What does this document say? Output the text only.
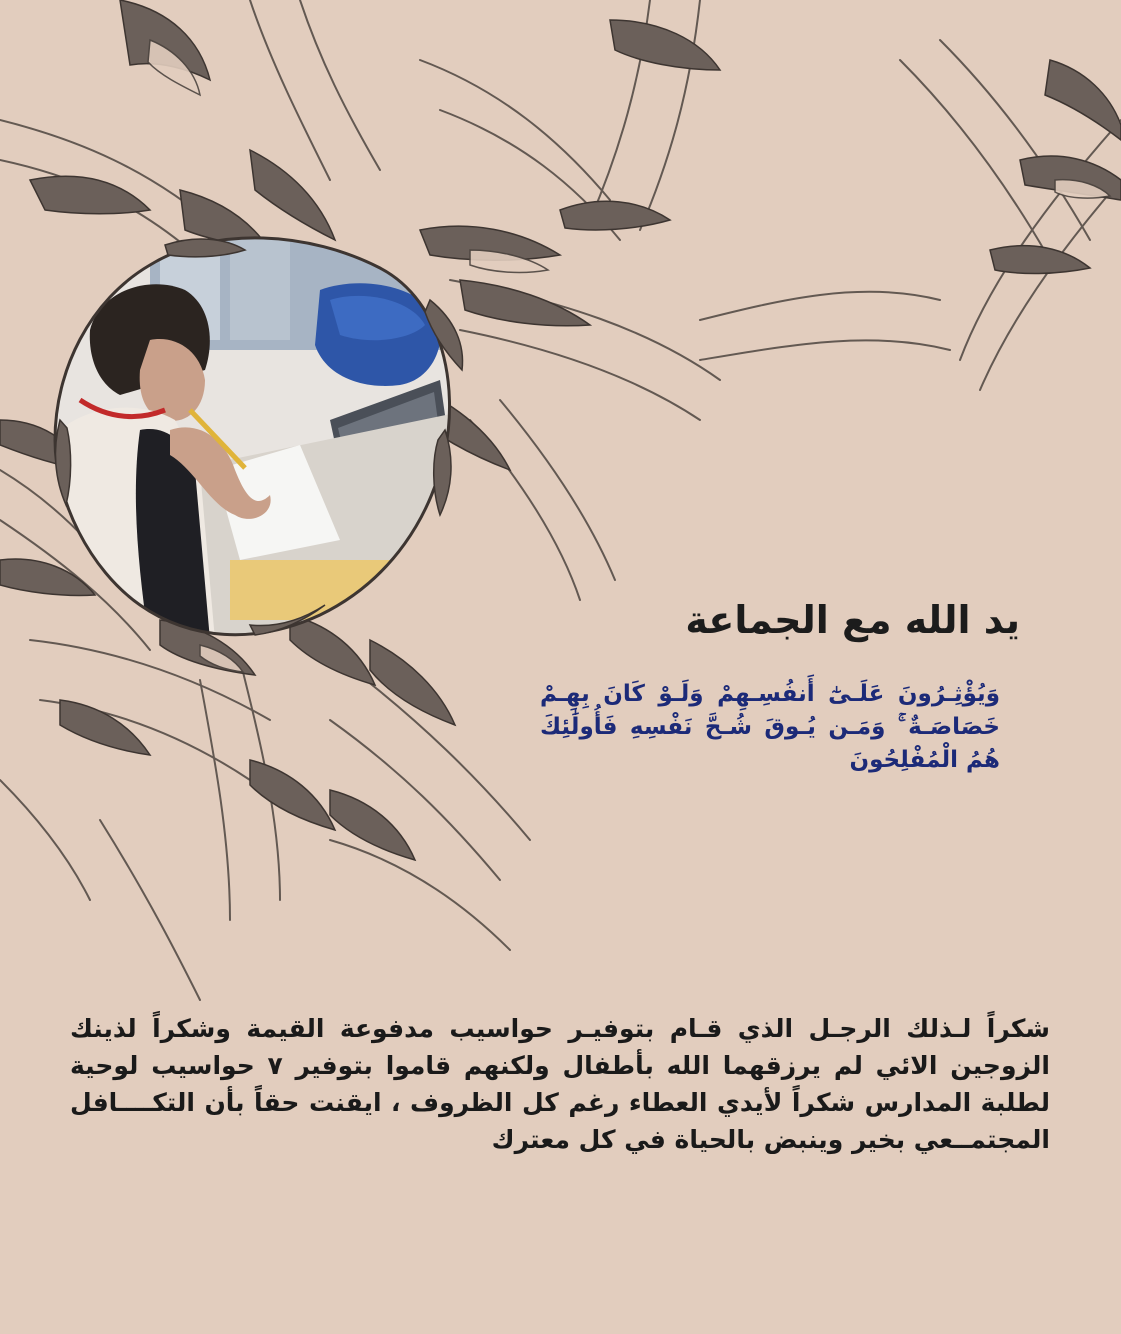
يد الله مع الجماعة
وَيُؤْثِـرُونَ عَلَـىٰٓ أَنفُسِـهِمْ وَلَـوْ كَانَ بِهِـمْ خَصَاصَـةٌ ۚ وَمَـن يُـوقَ شُـحَّ نَفْسِهِ فَأُولَٰئِكَ هُمُ الْمُفْلِحُونَ
شكراً لـذلك الرجـل الذي قـام بتوفيـر حواسيب مدفوعة القيمة وشكراً لذينك الزوجين الائي لم يرزقهما الله بأطفال ولكنهم قاموا بتوفير ٧ حواسيب لوحية لطلبة المدارس شكراً لأيدي العطاء رغم كل الظروف ، ايقنت حقاً بأن التكــــافل المجتمــعي بخير وينبض بالحياة في كل معترك
